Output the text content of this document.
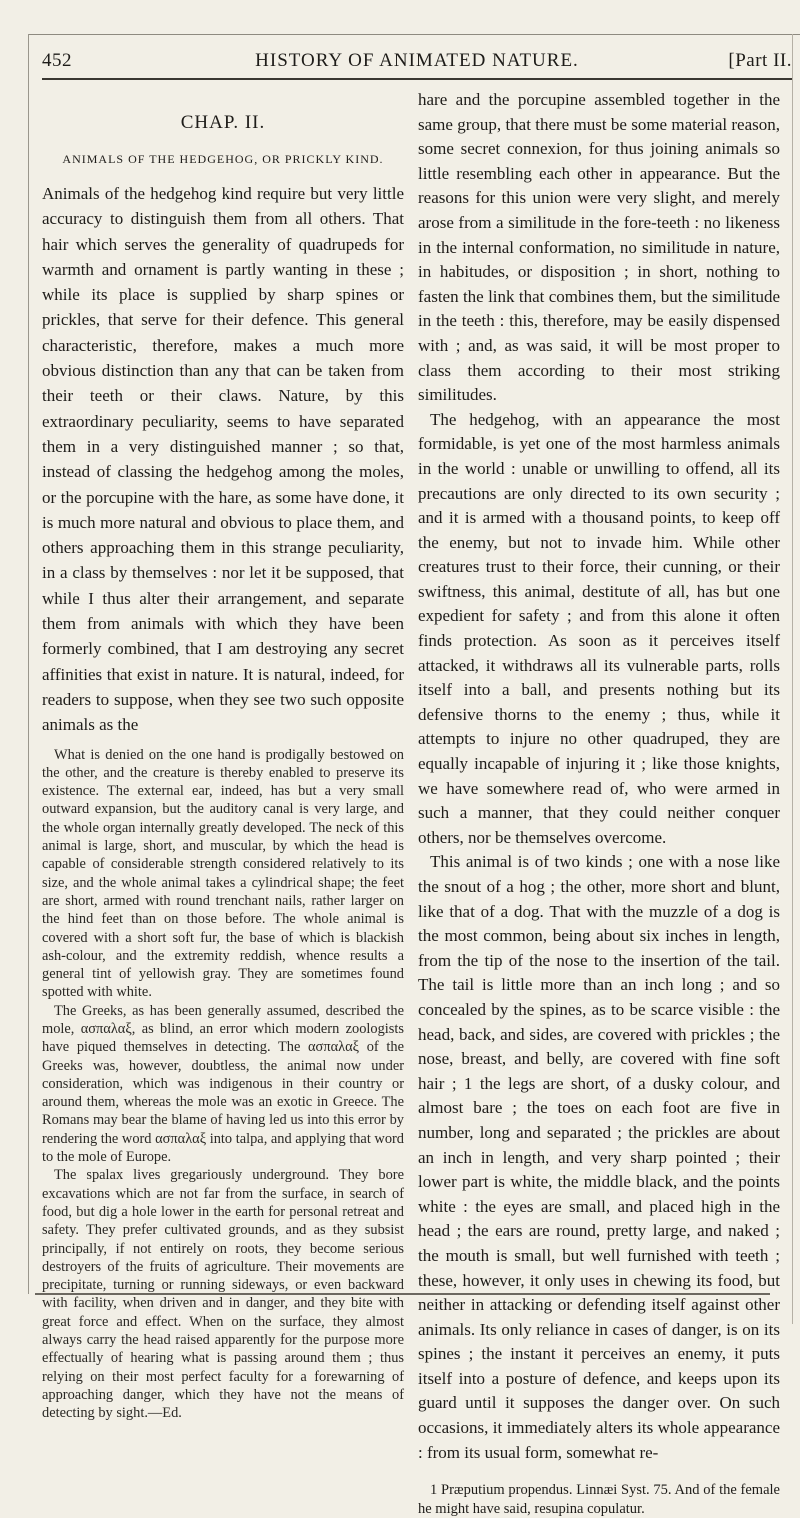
452	HISTORY OF ANIMATED NATURE.	[Part II.
CHAP. II.
ANIMALS OF THE HEDGEHOG, OR PRICKLY KIND.

Animals of the hedgehog kind require but very little accuracy to distinguish them from all others. That hair which serves the generality of quadrupeds for warmth and ornament is partly wanting in these ; while its place is supplied by sharp spines or prickles, that serve for their defence. This general characteristic, therefore, makes a much more obvious distinction than any that can be taken from their teeth or their claws. Nature, by this extraordinary peculiarity, seems to have separated them in a very distinguished manner ; so that, instead of classing the hedgehog among the moles, or the porcupine with the hare, as some have done, it is much more natural and obvious to place them, and others approaching them in this strange peculiarity, in a class by themselves : nor let it be supposed, that while I thus alter their arrangement, and separate them from animals with which they have been formerly combined, that I am destroying any secret affinities that exist in nature. It is natural, indeed, for readers to suppose, when they see two such opposite animals as the

What is denied on the one hand is prodigally bestowed on the other, and the creature is thereby enabled to preserve its existence. The external ear, indeed, has but a very small outward expansion, but the auditory canal is very large, and the whole organ internally greatly developed. The neck of this animal is large, short, and muscular, by which the head is capable of considerable strength considered relatively to its size, and the whole animal takes a cylindrical shape; the feet are short, armed with round trenchant nails, rather larger on the hind feet than on those before. The whole animal is covered with a short soft fur, the base of which is blackish ash-colour, and the extremity reddish, whence results a general tint of yellowish gray. They are sometimes found spotted with white.

The Greeks, as has been generally assumed, described the mole, ασπαλαξ, as blind, an error which modern zoologists have piqued themselves in detecting. The ασπαλαξ of the Greeks was, however, doubtless, the animal now under consideration, which was indigenous in their country or around them, whereas the mole was an exotic in Greece. The Romans may bear the blame of having led us into this error by rendering the word ασπαλαξ into talpa, and applying that word to the mole of Europe.

The spalax lives gregariously underground. They bore excavations which are not far from the surface, in search of food, but dig a hole lower in the earth for personal retreat and safety. They prefer cultivated grounds, and as they subsist principally, if not entirely on roots, they become serious destroyers of the fruits of agriculture. Their movements are precipitate, turning or running sideways, or even backward with facility, when driven and in danger, and they bite with great force and effect. When on the surface, they almost always carry the head raised apparently for the purpose more effectually of hearing what is passing around them ; thus relying on their most perfect faculty for a forewarning of approaching danger, which they have not the means of detecting by sight.—Ed.

hare and the porcupine assembled together in the same group, that there must be some material reason, some secret connexion, for thus joining animals so little resembling each other in appearance. But the reasons for this union were very slight, and merely arose from a similitude in the fore-teeth : no likeness in the internal conformation, no similitude in nature, in habitudes, or disposition ; in short, nothing to fasten the link that combines them, but the similitude in the teeth : this, therefore, may be easily dispensed with ; and, as was said, it will be most proper to class them according to their most striking similitudes.

The hedgehog, with an appearance the most formidable, is yet one of the most harmless animals in the world : unable or unwilling to offend, all its precautions are only directed to its own security ; and it is armed with a thousand points, to keep off the enemy, but not to invade him. While other creatures trust to their force, their cunning, or their swiftness, this animal, destitute of all, has but one expedient for safety ; and from this alone it often finds protection. As soon as it perceives itself attacked, it withdraws all its vulnerable parts, rolls itself into a ball, and presents nothing but its defensive thorns to the enemy ; thus, while it attempts to injure no other quadruped, they are equally incapable of injuring it ; like those knights, we have somewhere read of, who were armed in such a manner, that they could neither conquer others, nor be themselves overcome.

This animal is of two kinds ; one with a nose like the snout of a hog ; the other, more short and blunt, like that of a dog. That with the muzzle of a dog is the most common, being about six inches in length, from the tip of the nose to the insertion of the tail. The tail is little more than an inch long ; and so concealed by the spines, as to be scarce visible : the head, back, and sides, are covered with prickles ; the nose, breast, and belly, are covered with fine soft hair ; 1 the legs are short, of a dusky colour, and almost bare ; the toes on each foot are five in number, long and separated ; the prickles are about an inch in length, and very sharp pointed ; their lower part is white, the middle black, and the points white : the eyes are small, and placed high in the head ; the ears are round, pretty large, and naked ; the mouth is small, but well furnished with teeth ; these, however, it only uses in chewing its food, but neither in attacking or defending itself against other animals. Its only reliance in cases of danger, is on its spines ; the instant it perceives an enemy, it puts itself into a posture of defence, and keeps upon its guard until it supposes the danger over. On such occasions, it immediately alters its whole appearance : from its usual form, somewhat re-

1 Præputium propendus. Linnæi Syst. 75. And of the female he might have said, resupina copulatur.
